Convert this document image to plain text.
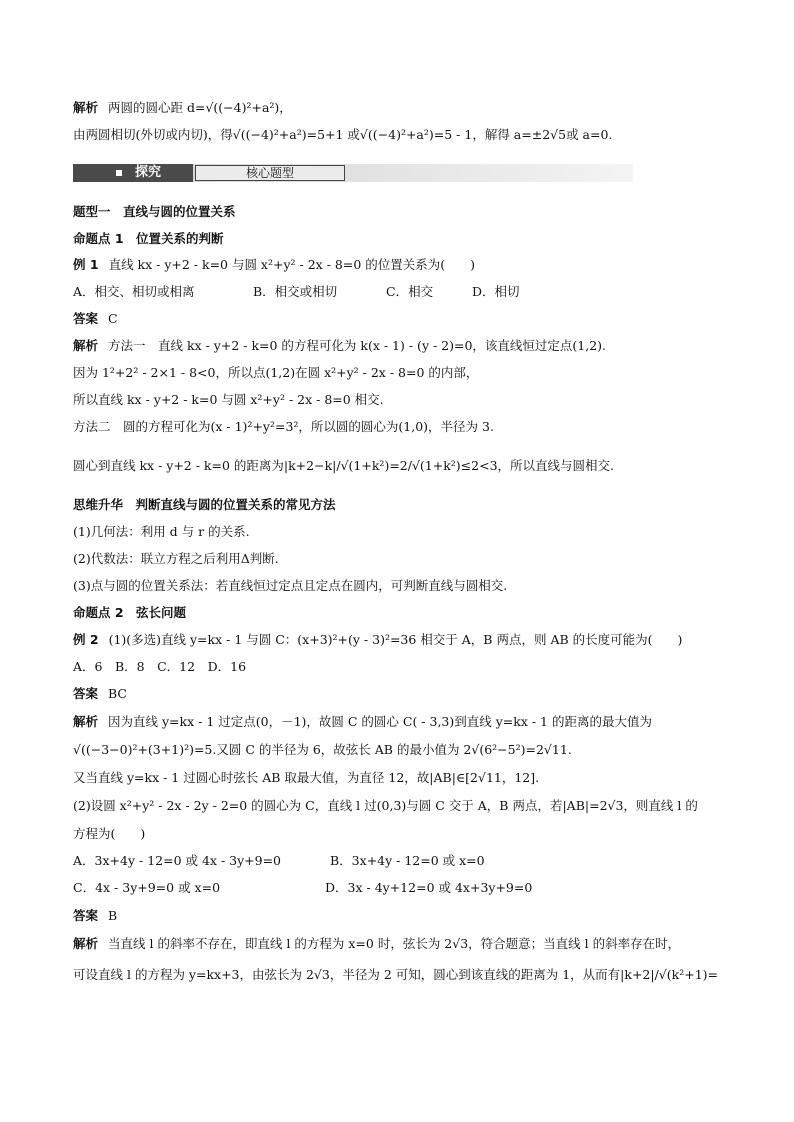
解析 两圆的圆心距 d=√((−4)²+a²)，
由两圆相切(外切或内切)，得√((−4)²+a²)=5+1 或√((−4)²+a²)=5 - 1，解得 a=±2√5或 a=0.
探究	核心题型
题型一　直线与圆的位置关系
命题点 1　位置关系的判断
例 1 直线 kx - y+2 - k=0 与圆 x²+y² - 2x - 8=0 的位置关系为(　　)
A．相交、相切或相离	B．相交或相切	C．相交	D．相切
答案 C
解析 方法一　直线 kx - y+2 - k=0 的方程可化为 k(x - 1) - (y - 2)=0，该直线恒过定点(1,2).
因为 1²+2² - 2×1 - 8<0，所以点(1,2)在圆 x²+y² - 2x - 8=0 的内部，
所以直线 kx - y+2 - k=0 与圆 x²+y² - 2x - 8=0 相交.
方法二　圆的方程可化为(x - 1)²+y²=3²，所以圆的圆心为(1,0)，半径为 3.
圆心到直线 kx - y+2 - k=0 的距离为|k+2−k|/√(1+k²)=2/√(1+k²)≤2<3，所以直线与圆相交.
思维升华　判断直线与圆的位置关系的常见方法
(1)几何法：利用 d 与 r 的关系.
(2)代数法：联立方程之后利用Δ判断.
(3)点与圆的位置关系法：若直线恒过定点且定点在圆内，可判断直线与圆相交.
命题点 2　弦长问题
例 2 (1)(多选)直线 y=kx - 1 与圆 C：(x+3)²+(y - 3)²=36 相交于 A，B 两点，则 AB 的长度可能为(　　)
A．6　B．8　C．12　D．16
答案 BC
解析 因为直线 y=kx - 1 过定点(0，－1)，故圆 C 的圆心 C( - 3,3)到直线 y=kx - 1 的距离的最大值为
√((−3−0)²+(3+1)²)=5.又圆 C 的半径为 6，故弦长 AB 的最小值为 2√(6²−5²)=2√11.
又当直线 y=kx - 1 过圆心时弦长 AB 取最大值，为直径 12，故|AB|∈[2√11，12].
(2)设圆 x²+y² - 2x - 2y - 2=0 的圆心为 C，直线 l 过(0,3)与圆 C 交于 A，B 两点，若|AB|=2√3，则直线 l 的
方程为(　　)
A．3x+4y - 12=0 或 4x - 3y+9=0	B．3x+4y - 12=0 或 x=0
C．4x - 3y+9=0 或 x=0	D．3x - 4y+12=0 或 4x+3y+9=0
答案 B
解析 当直线 l 的斜率不存在，即直线 l 的方程为 x=0 时，弦长为 2√3，符合题意；当直线 l 的斜率存在时，
可设直线 l 的方程为 y=kx+3，由弦长为 2√3，半径为 2 可知，圆心到该直线的距离为 1，从而有|k+2|/√(k²+1)=
